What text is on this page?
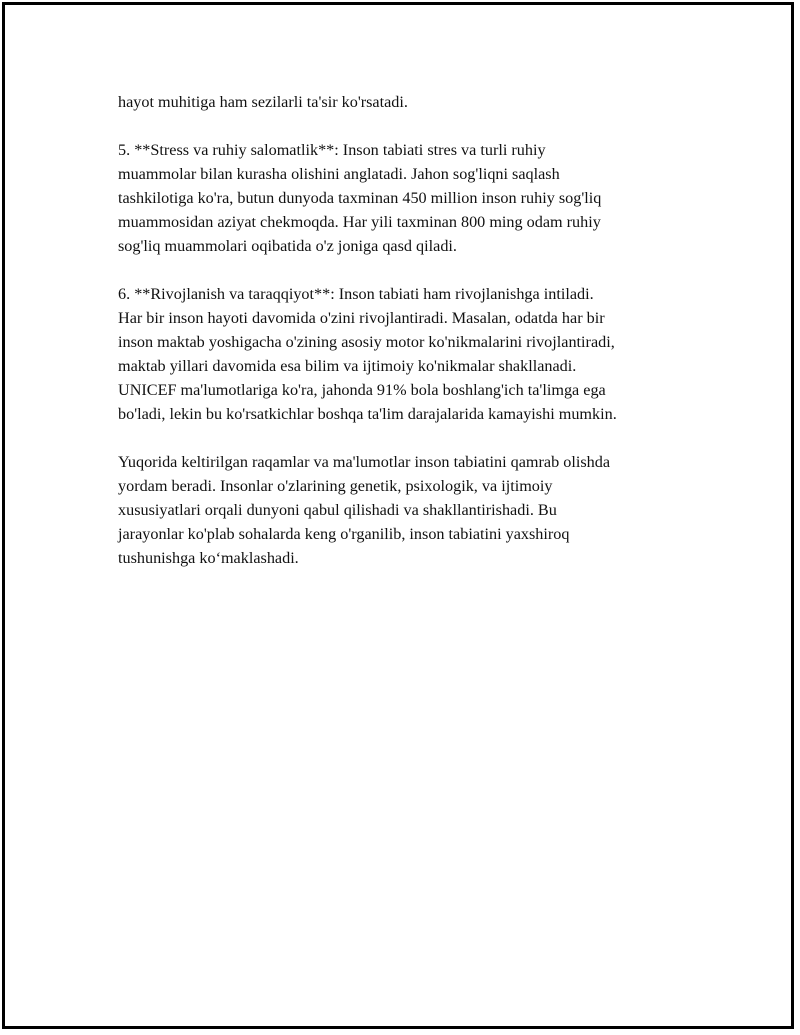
hayot muhitiga ham sezilarli ta'sir ko'rsatadi.

5. **Stress va ruhiy salomatlik**: Inson tabiati stres va turli ruhiy
muammolar bilan kurasha olishini anglatadi. Jahon sog'liqni saqlash
tashkilotiga ko'ra, butun dunyoda taxminan 450 million inson ruhiy sog'liq
muammosidan aziyat chekmoqda. Har yili taxminan 800 ming odam ruhiy
sog'liq muammolari oqibatida o'z joniga qasd qiladi.

6. **Rivojlanish va taraqqiyot**: Inson tabiati ham rivojlanishga intiladi.
Har bir inson hayoti davomida o'zini rivojlantiradi. Masalan, odatda har bir
inson maktab yoshigacha o'zining asosiy motor ko'nikmalarini rivojlantiradi,
maktab yillari davomida esa bilim va ijtimoiy ko'nikmalar shakllanadi.
UNICEF ma'lumotlariga ko'ra, jahonda 91% bola boshlang'ich ta'limga ega
bo'ladi, lekin bu ko'rsatkichlar boshqa ta'lim darajalarida kamayishi mumkin.

Yuqorida keltirilgan raqamlar va ma'lumotlar inson tabiatini qamrab olishda
yordam beradi. Insonlar o'zlarining genetik, psixologik, va ijtimoiy
xususiyatlari orqali dunyoni qabul qilishadi va shakllantirishadi. Bu
jarayonlar ko'plab sohalarda keng o'rganilib, inson tabiatini yaxshiroq
tushunishga ko‘maklashadi.
